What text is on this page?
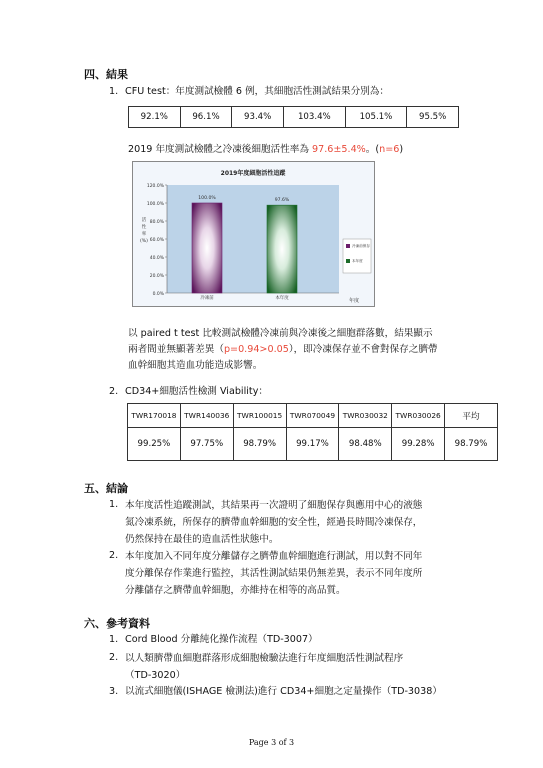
四、結果
1. CFU test：年度測試檢體 6 例，其細胞活性測試結果分別為：
92.1%	96.1%	93.4%	103.4%	105.1%	95.5%
2019 年度測試檢體之冷凍後細胞活性率為 97.6±5.4%。(n=6)
2019年度細胞活性追蹤
0.0%
20.0%
40.0%
60.0%
80.0%
100.0%
120.0%
活
性
率
(%)
100.0%
冷凍前
97.6%
本年度
冷凍前保存
本年度
年度
以 paired t test 比較測試檢體冷凍前與冷凍後之細胞群落數，結果顯示
兩者間並無顯著差異（p=0.94>0.05），即冷凍保存並不會對保存之臍帶
血幹細胞其造血功能造成影響。
2. CD34+細胞活性檢測 Viability：
TWR170018	TWR140036	TWR100015	TWR070049	TWR030032	TWR030026	平均
99.25%	97.75%	98.79%	99.17%	98.48%	99.28%	98.79%
五、結論
1. 本年度活性追蹤測試，其結果再一次證明了細胞保存與應用中心的液態
氮冷凍系統，所保存的臍帶血幹細胞的安全性，經過長時間冷凍保存，
仍然保持在最佳的造血活性狀態中。
2. 本年度加入不同年度分離儲存之臍帶血幹細胞進行測試，用以對不同年
度分離保存作業進行監控，其活性測試結果仍無差異，表示不同年度所
分離儲存之臍帶血幹細胞，亦維持在相等的高品質。
六、參考資料
1. Cord Blood 分離純化操作流程（TD-3007）
2. 以人類臍帶血細胞群落形成細胞檢驗法進行年度細胞活性測試程序
（TD-3020）
3. 以流式細胞儀(ISHAGE 檢測法)進行 CD34+細胞之定量操作（TD-3038）
Page 3 of 3
